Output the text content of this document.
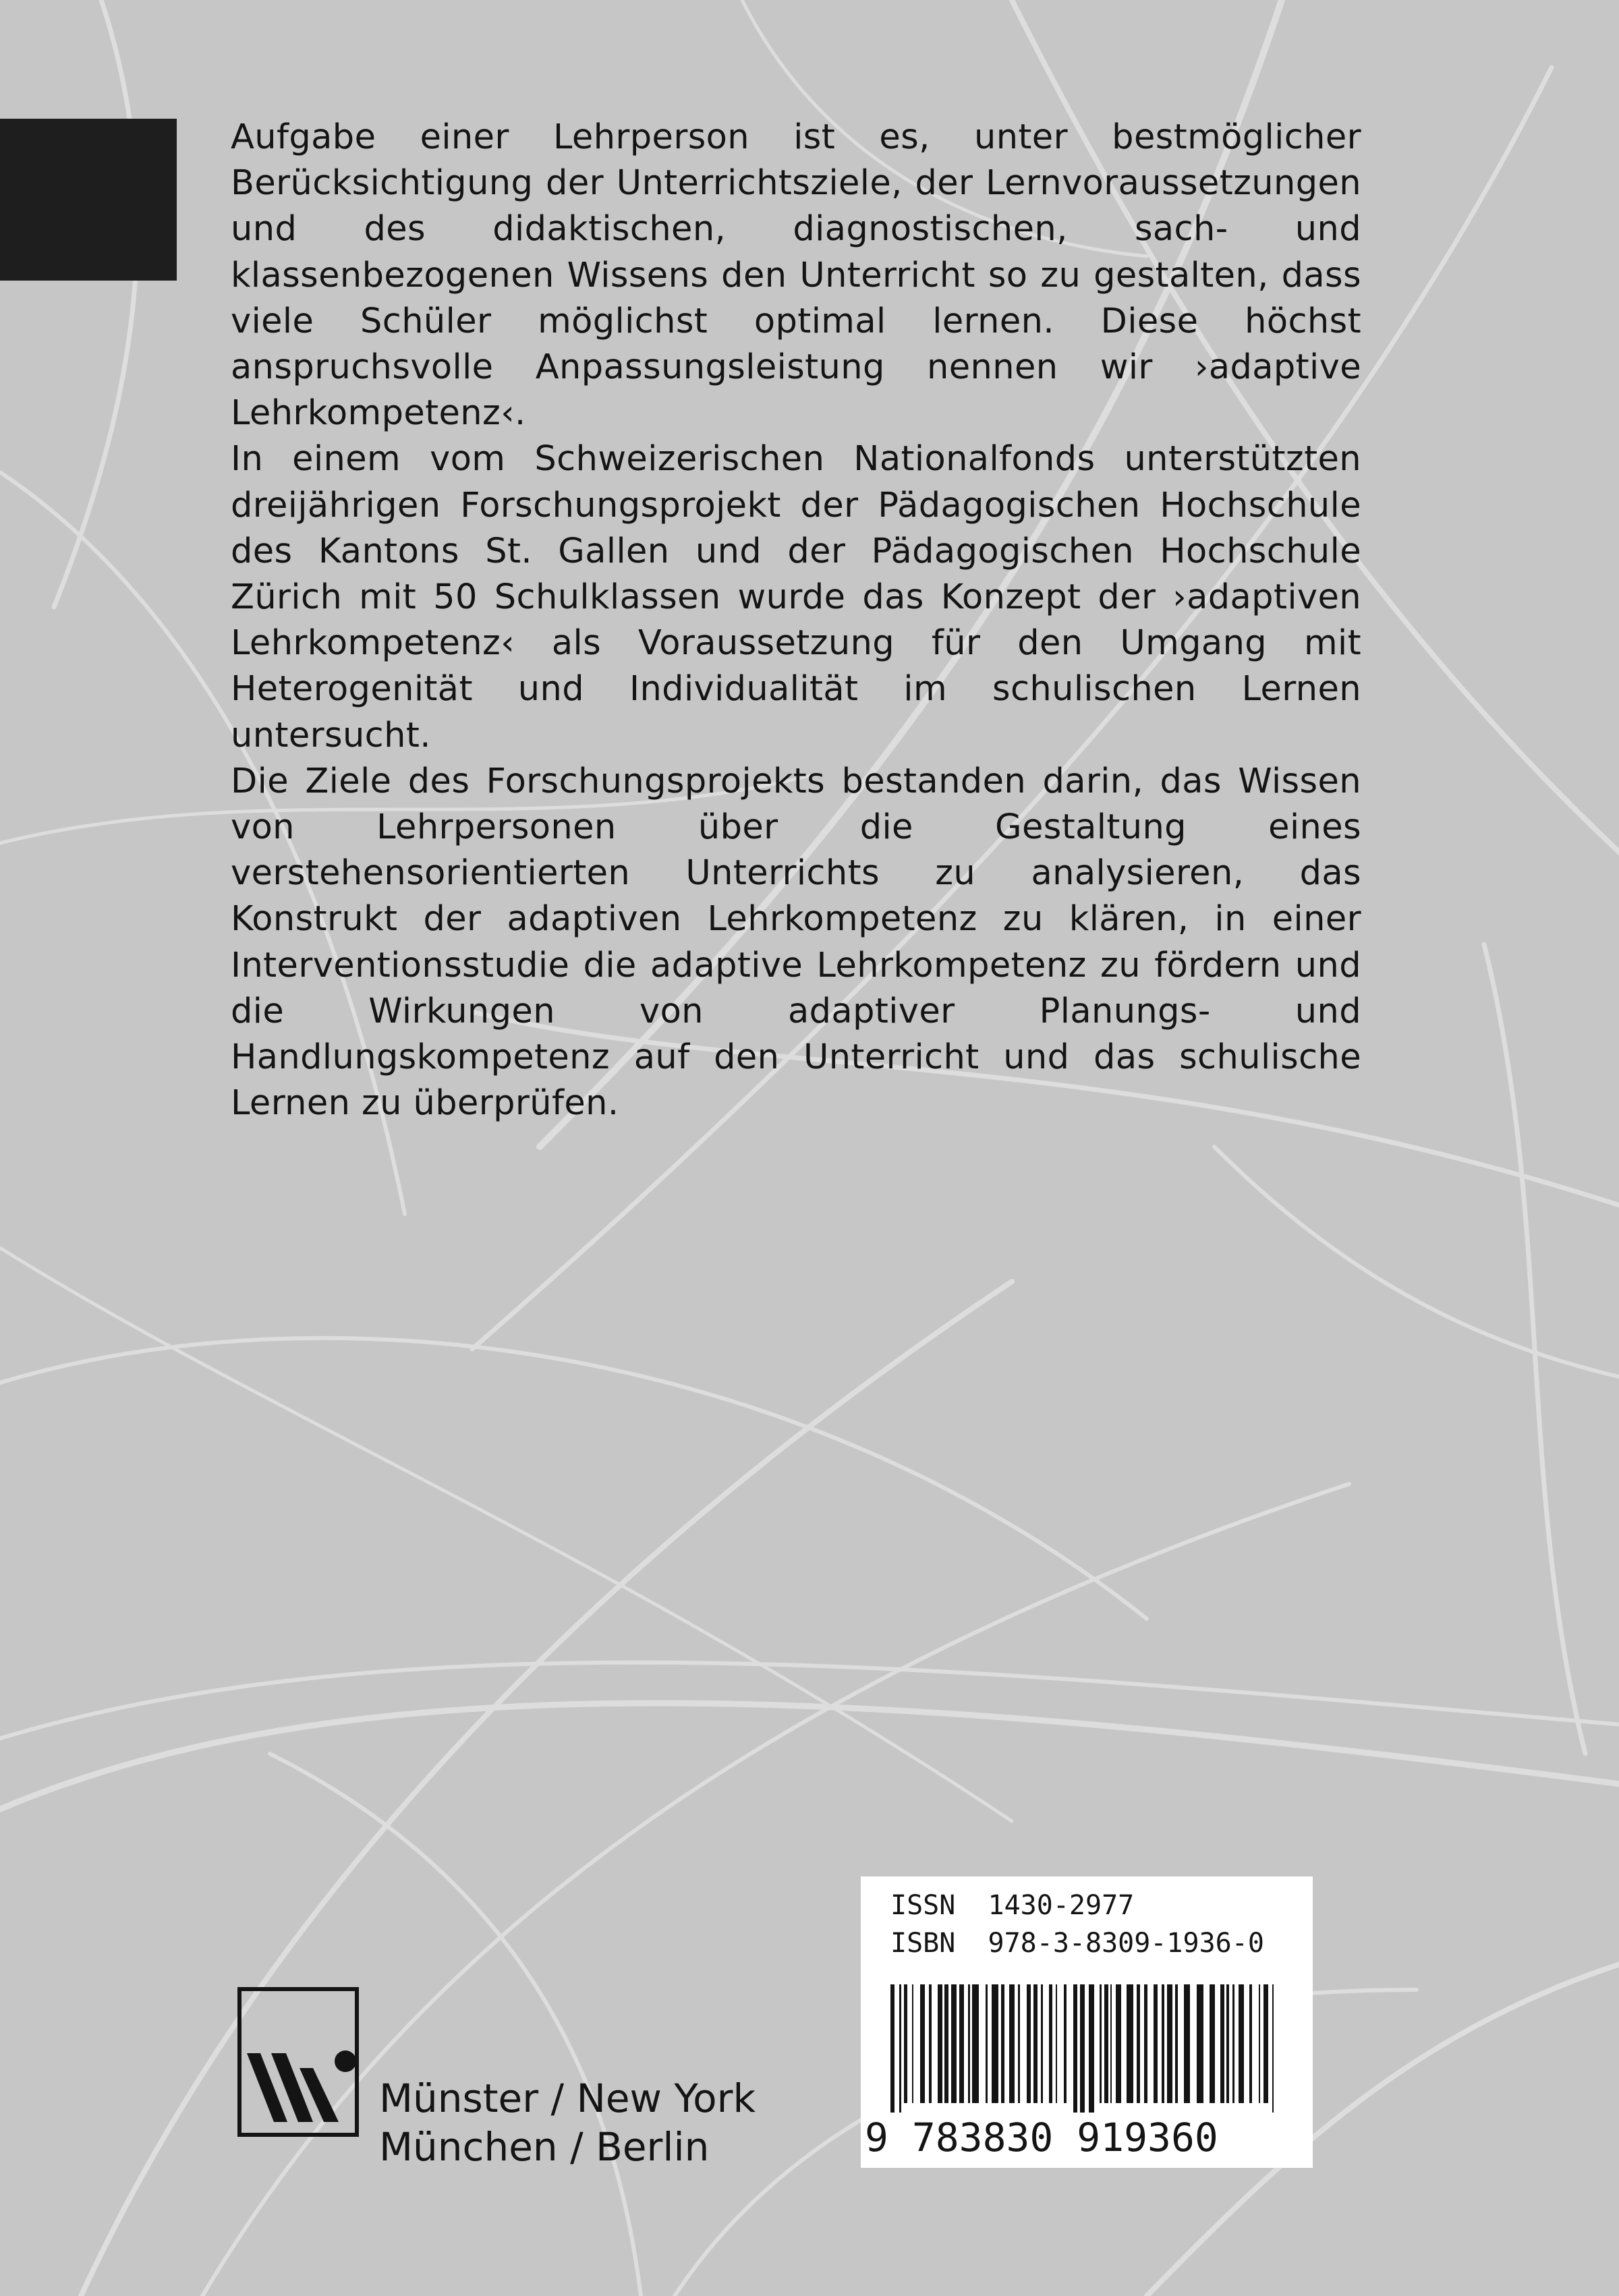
Aufgabe einer Lehrperson ist es, unter bestmöglicher Berücksichtigung der Unterrichtsziele, der Lernvoraussetzungen und des didaktischen, diagnostischen, sach- und klassenbezogenen Wissens den Unterricht so zu gestalten, dass viele Schüler möglichst optimal lernen. Diese höchst anspruchsvolle Anpassungsleistung nennen wir ›adaptive Lehrkompetenz‹.

In einem vom Schweizerischen Nationalfonds unterstützten dreijährigen Forschungsprojekt der Pädagogischen Hochschule des Kantons St. Gallen und der Pädagogischen Hochschule Zürich mit 50 Schulklassen wurde das Konzept der ›adaptiven Lehrkompetenz‹ als Voraussetzung für den Umgang mit Heterogenität und Individualität im schulischen Lernen untersucht.

Die Ziele des Forschungsprojekts bestanden darin, das Wissen von Lehrpersonen über die Gestaltung eines verstehensorientierten Unterrichts zu analysieren, das Konstrukt der adaptiven Lehrkompetenz zu klären, in einer Interventionsstudie die adaptive Lehrkompetenz zu fördern und die Wirkungen von adaptiver Planungs- und Handlungskompetenz auf den Unterricht und das schulische Lernen zu überprüfen.

Münster / New York
München / Berlin
ISSN 1430-2977
ISBN 978-3-8309-1936-0
9 783830 919360
